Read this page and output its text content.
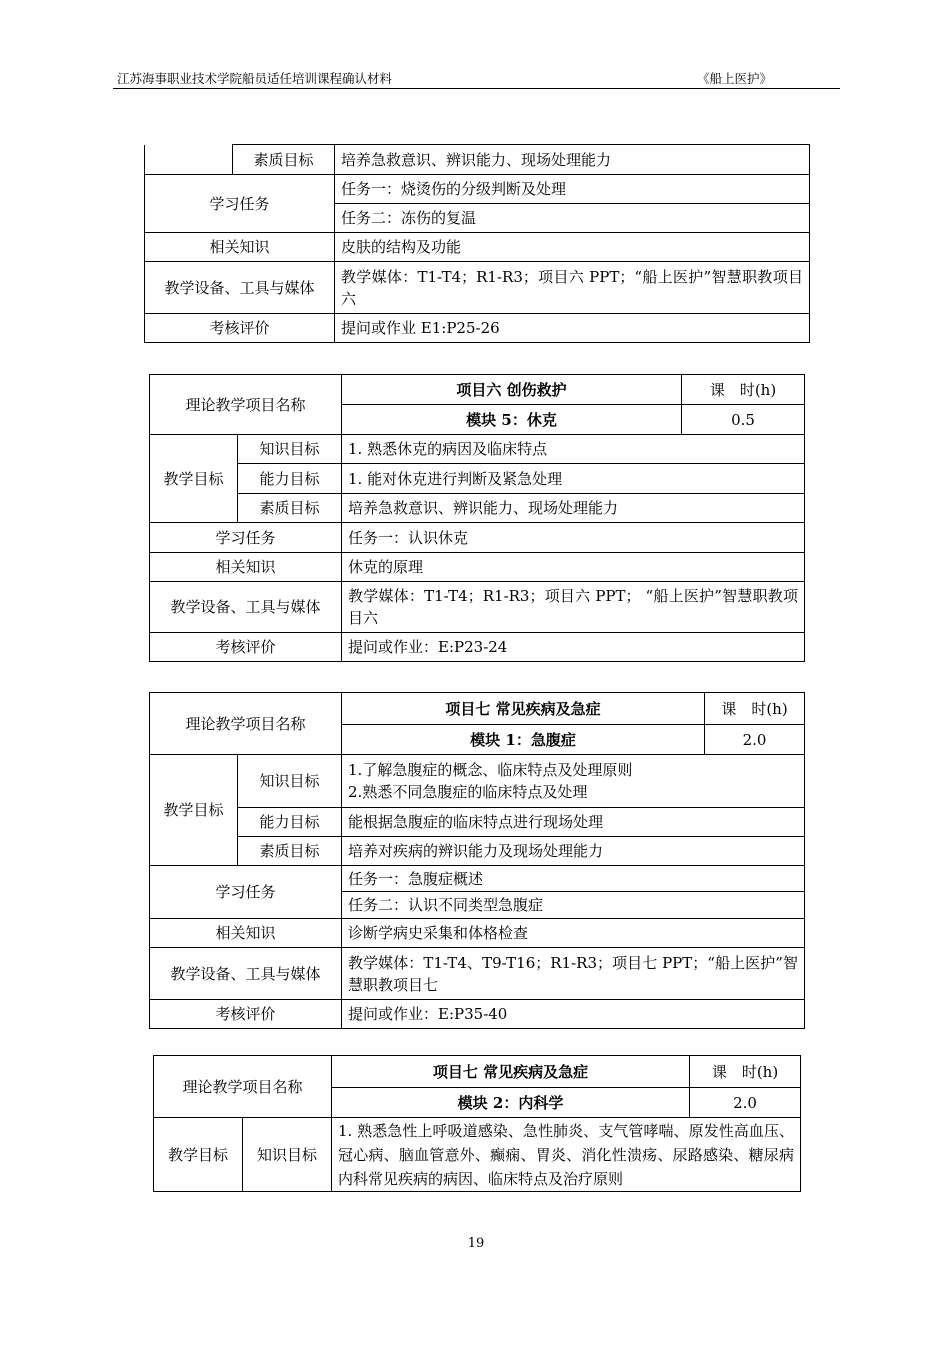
江苏海事职业技术学院船员适任培训课程确认材料	《船上医护》
	素质目标	培养急救意识、辨识能力、现场处理能力
学习任务		任务一：烧烫伤的分级判断及处理
		任务二：冻伤的复温
相关知识		皮肤的结构及功能
教学设备、工具与媒体		教学媒体：T1-T4；R1-R3；项目六 PPT；“船上医护”智慧职教项目六
考核评价		提问或作业 E1:P25-26
理论教学项目名称		项目六 创伤救护	课　时(h)
		模块 5：休克	0.5
教学目标	知识目标	1. 熟悉休克的病因及临床特点	
	能力目标	1. 能对休克进行判断及紧急处理	
	素质目标	培养急救意识、辨识能力、现场处理能力	
学习任务		任务一：认识休克	
相关知识		休克的原理	
教学设备、工具与媒体		教学媒体：T1-T4；R1-R3；项目六 PPT； “船上医护”智慧职教项目六	
考核评价		提问或作业：E:P23-24	
理论教学项目名称		项目七 常见疾病及急症	课　时(h)
		模块 1：急腹症	2.0
教学目标	知识目标	1.了解急腹症的概念、临床特点及处理原则
2.熟悉不同急腹症的临床特点及处理	

	能力目标	能根据急腹症的临床特点进行现场处理	
	素质目标	培养对疾病的辨识能力及现场处理能力	
学习任务		任务一：急腹症概述	
		任务二：认识不同类型急腹症	
相关知识		诊断学病史采集和体格检查	
教学设备、工具与媒体		教学媒体：T1-T4、T9-T16；R1-R3；项目七 PPT；“船上医护”智慧职教项目七	
考核评价		提问或作业：E:P35-40	
理论教学项目名称		项目七 常见疾病及急症	课　时(h)
		模块 2：内科学	2.0
教学目标	知识目标	1. 熟悉急性上呼吸道感染、急性肺炎、支气管哮喘、原发性高血压、冠心病、脑血管意外、癫痫、胃炎、消化性溃疡、尿路感染、糖尿病内科常见疾病的病因、临床特点及治疗原则	
19
